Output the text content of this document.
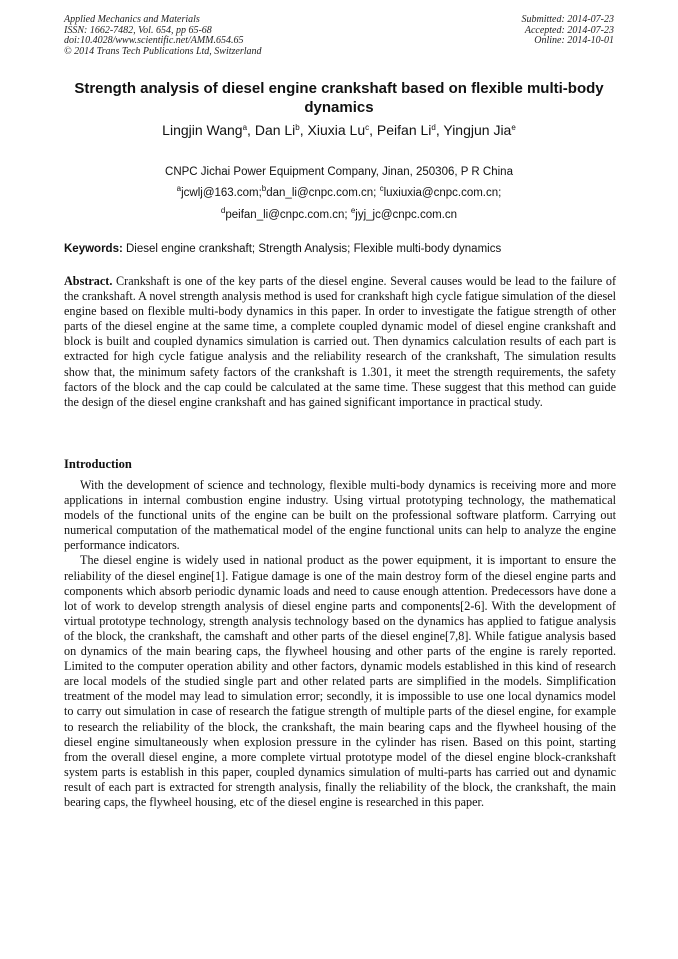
Applied Mechanics and Materials
ISSN: 1662-7482, Vol. 654, pp 65-68
doi:10.4028/www.scientific.net/AMM.654.65
© 2014 Trans Tech Publications Ltd, Switzerland
Submitted: 2014-07-23
Accepted: 2014-07-23
Online: 2014-10-01
Strength analysis of diesel engine crankshaft based on flexible multi-body dynamics
Lingjin Wang$^a$, Dan Li$^b$, Xiuxia Lu$^c$, Peifan Li$^d$, Yingjun Jia$^e$
CNPC Jichai Power Equipment Company, Jinan, 250306, P R China
$^a$jcwlj@163.com;$^b$dan_li@cnpc.com.cn; $^c$luxiuxia@cnpc.com.cn;
$^d$peifan_li@cnpc.com.cn; $^e$jyj_jc@cnpc.com.cn
Keywords: Diesel engine crankshaft; Strength Analysis; Flexible multi-body dynamics

Abstract. Crankshaft is one of the key parts of the diesel engine. Several causes would be lead to the failure of the crankshaft. A novel strength analysis method is used for crankshaft high cycle fatigue simulation of the diesel engine based on flexible multi-body dynamics in this paper. In order to investigate the fatigue strength of other parts of the diesel engine at the same time, a complete coupled dynamic model of diesel engine crankshaft and block is built and coupled dynamics simulation is carried out. Then dynamics calculation results of each part is extracted for high cycle fatigue analysis and the reliability research of the crankshaft, The simulation results show that, the minimum safety factors of the crankshaft is 1.301, it meet the strength requirements, the safety factors of the block and the cap could be calculated at the same time. These suggest that this method can guide the design of the diesel engine crankshaft and has gained significant importance in practical study.

Introduction

With the development of science and technology, flexible multi-body dynamics is receiving more and more applications in internal combustion engine industry. Using virtual prototyping technology, the mathematical models of the functional units of the engine can be built on the professional software platform. Carrying out numerical computation of the mathematical model of the engine functional units can help to analyze the engine performance indicators.

The diesel engine is widely used in national product as the power equipment, it is important to ensure the reliability of the diesel engine[1]. Fatigue damage is one of the main destroy form of the diesel engine parts and components which absorb periodic dynamic loads and need to cause enough attention. Predecessors have done a lot of work to develop strength analysis of diesel engine parts and components[2-6]. With the development of virtual prototype technology, strength analysis technology based on the dynamics has applied to fatigue analysis of the block, the crankshaft, the camshaft and other parts of the diesel engine[7,8]. While fatigue analysis based on dynamics of the main bearing caps, the flywheel housing and other parts of the engine is rarely reported. Limited to the computer operation ability and other factors, dynamic models established in this kind of research are local models of the studied single part and other related parts are simplified in the models. Simplification treatment of the model may lead to simulation error; secondly, it is impossible to use one local dynamics model to carry out simulation in case of research the fatigue strength of multiple parts of the diesel engine, for example to research the reliability of the block, the crankshaft, the main bearing caps and the flywheel housing of the diesel engine simultaneously when explosion pressure in the cylinder has risen. Based on this point, starting from the overall diesel engine, a more complete virtual prototype model of the diesel engine block-crankshaft system parts is establish in this paper, coupled dynamics simulation of multi-parts has carried out and dynamic result of each part is extracted for strength analysis, finally the reliability of the block, the crankshaft, the main bearing caps, the flywheel housing, etc of the diesel engine is researched in this paper.
